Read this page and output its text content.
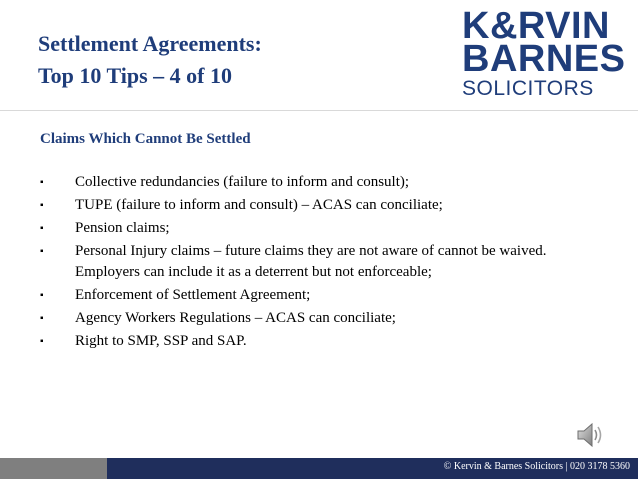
Settlement Agreements:
Top 10 Tips – 4 of 10
K&RVIN
BARNES
SOLICITORS
Claims Which Cannot Be Settled
▪	Collective redundancies (failure to inform and consult);
▪	TUPE (failure to inform and consult) – ACAS can conciliate;
▪	Pension claims;
▪	Personal Injury claims – future claims they are not aware of cannot be waived. Employers can include it as a deterrent but not enforceable;
▪	Enforcement of Settlement Agreement;
▪	Agency Workers Regulations – ACAS can conciliate;
▪	Right to SMP, SSP and SAP.
© Kervin & Barnes Solicitors | 020 3178 5360
